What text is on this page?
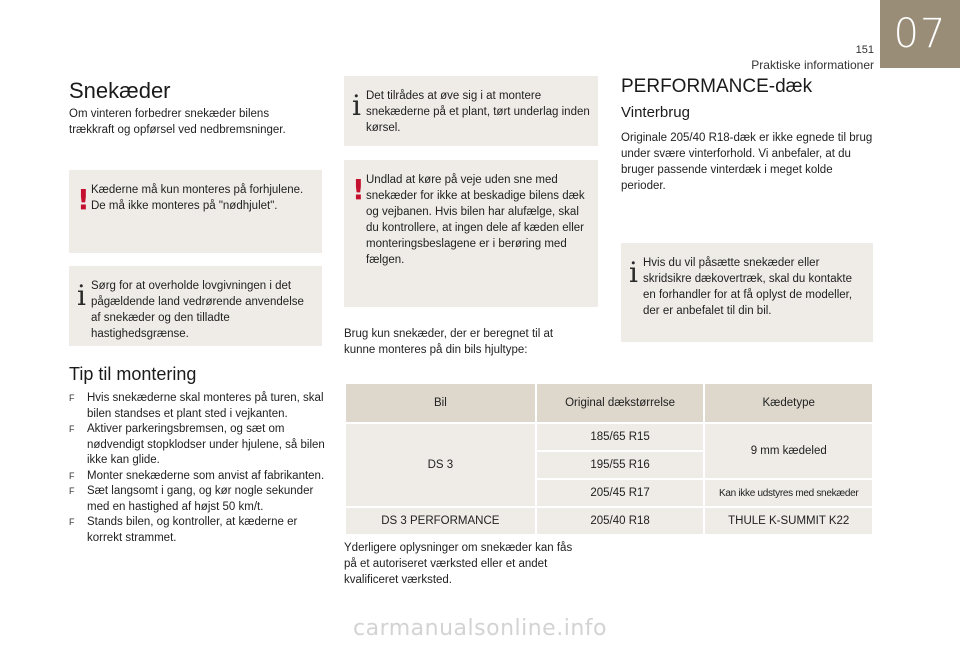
07
151
Praktiske informationer
Snekæder
Om vinteren forbedrer snekæder bilens trækkraft og opførsel ved nedbremsninger.
! Kæderne må kun monteres på forhjulene. De må ikke monteres på "nødhjulet".
i Sørg for at overholde lovgivningen i det pågældende land vedrørende anvendelse af snekæder og den tilladte hastighedsgrænse.
Tip til montering
F Hvis snekæderne skal monteres på turen, skal bilen standses et plant sted i vejkanten.
F Aktiver parkeringsbremsen, og sæt om nødvendigt stopklodser under hjulene, så bilen ikke kan glide.
F Monter snekæderne som anvist af fabrikanten.
F Sæt langsomt i gang, og kør nogle sekunder med en hastighed af højst 50 km/t.
F Stands bilen, og kontroller, at kæderne er korrekt strammet.
i Det tilrådes at øve sig i at montere snekæderne på et plant, tørt underlag inden kørsel.
! Undlad at køre på veje uden sne med snekæder for ikke at beskadige bilens dæk og vejbanen. Hvis bilen har alufælge, skal du kontrollere, at ingen dele af kæden eller monteringsbeslagene er i berøring med fælgen.
Brug kun snekæder, der er beregnet til at kunne monteres på din bils hjultype:
PERFORMANCE-dæk
Vinterbrug
Originale 205/40 R18-dæk er ikke egnede til brug under svære vinterforhold. Vi anbefaler, at du bruger passende vinterdæk i meget kolde perioder.
i Hvis du vil påsætte snekæder eller skridsikre dækovertræk, skal du kontakte en forhandler for at få oplyst de modeller, der er anbefalet til din bil.
Bil	Original dækstørrelse	Kædetype
DS 3	185/65 R15	9 mm kædeled
	195/55 R16	
	205/45 R17	Kan ikke udstyres med snekæder
DS 3 PERFORMANCE	205/40 R18	THULE K-SUMMIT K22
Yderligere oplysninger om snekæder kan fås på et autoriseret værksted eller et andet kvalificeret værksted.
carmanualsonline.info
